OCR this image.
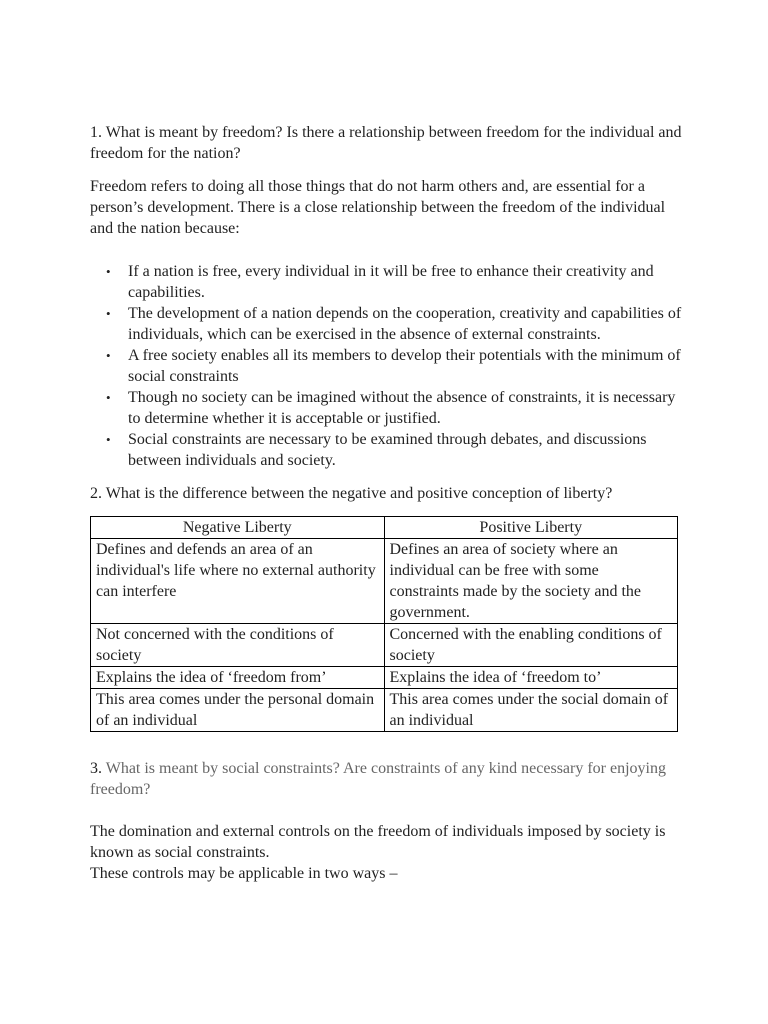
1. What is meant by freedom? Is there a relationship between freedom for the individual and freedom for the nation?

Freedom refers to doing all those things that do not harm others and, are essential for a person’s development. There is a close relationship between the freedom of the individual and the nation because:

• If a nation is free, every individual in it will be free to enhance their creativity and capabilities.
• The development of a nation depends on the cooperation, creativity and capabilities of individuals, which can be exercised in the absence of external constraints.
• A free society enables all its members to develop their potentials with the minimum of social constraints
• Though no society can be imagined without the absence of constraints, it is necessary to determine whether it is acceptable or justified.
• Social constraints are necessary to be examined through debates, and discussions between individuals and society.

2. What is the difference between the negative and positive conception of liberty?

Negative Liberty	Positive Liberty
Defines and defends an area of an individual's life where no external authority can interfere	Defines an area of society where an individual can be free with some constraints made by the society and the government.
Not concerned with the conditions of society	Concerned with the enabling conditions of society
Explains the idea of ‘freedom from’	Explains the idea of ‘freedom to’
This area comes under the personal domain of an individual	This area comes under the social domain of an individual

3. What is meant by social constraints? Are constraints of any kind necessary for enjoying freedom?

The domination and external controls on the freedom of individuals imposed by society is known as social constraints.

These controls may be applicable in two ways –
